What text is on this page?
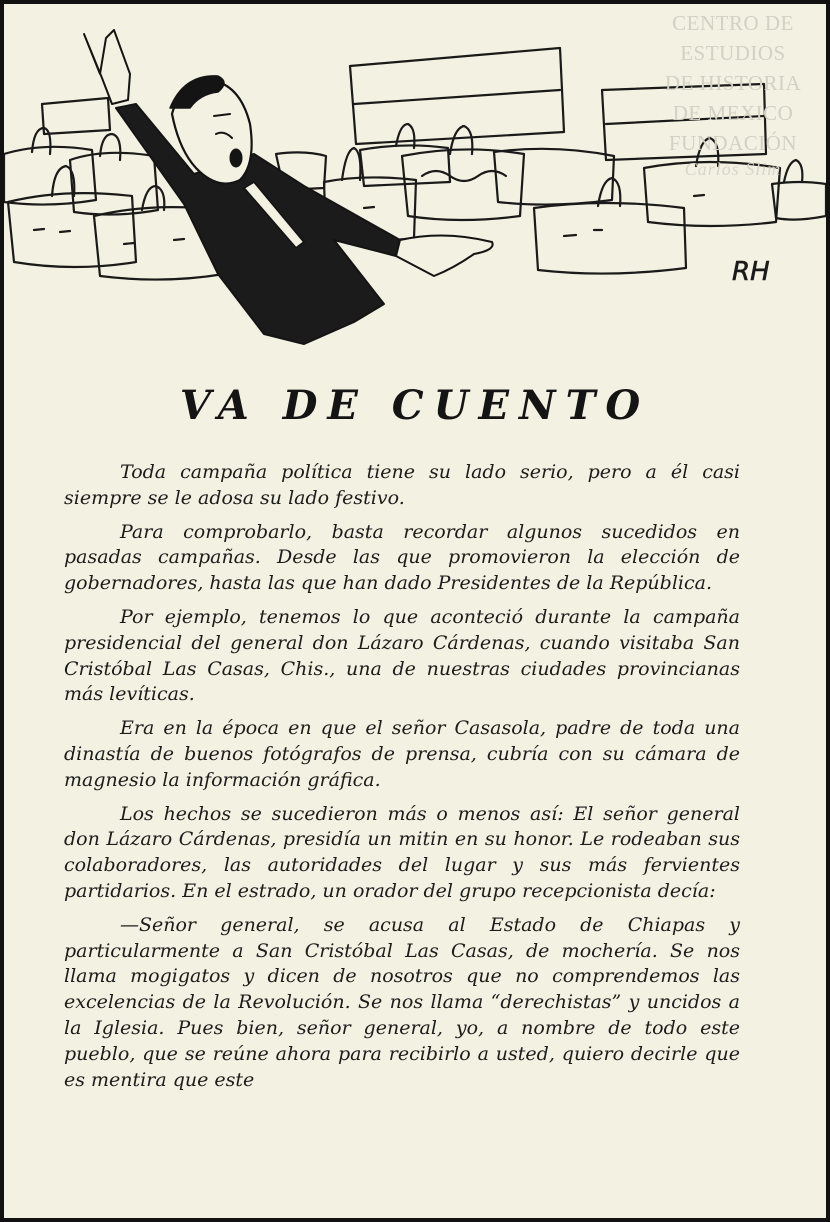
RH
CENTRO DE
ESTUDIOS
DE HISTORIA
DE MEXICO
FUNDACIÓN
Carlos Slim
VA DE CUENTO

Toda campaña política tiene su lado serio, pero a él casi siempre se le adosa su lado festivo.

Para comprobarlo, basta recordar algunos sucedidos en pasadas campañas. Desde las que promovieron la elección de gobernadores, hasta las que han dado Presidentes de la República.

Por ejemplo, tenemos lo que aconteció durante la campaña presidencial del general don Lázaro Cárdenas, cuando visitaba San Cristóbal Las Casas, Chis., una de nuestras ciudades provincianas más levíticas.

Era en la época en que el señor Casasola, padre de toda una dinastía de buenos fotógrafos de prensa, cubría con su cámara de magnesio la información gráfica.

Los hechos se sucedieron más o menos así: El señor general don Lázaro Cárdenas, presidía un mitin en su honor. Le rodeaban sus colaboradores, las autoridades del lugar y sus más fervientes partidarios. En el estrado, un orador del grupo recepcionista decía:

—Señor general, se acusa al Estado de Chiapas y particularmente a San Cristóbal Las Casas, de mochería. Se nos llama mogigatos y dicen de nosotros que no comprendemos las excelencias de la Revolución. Se nos llama “derechistas” y uncidos a la Iglesia. Pues bien, señor general, yo, a nombre de todo este pueblo, que se reúne ahora para recibirlo a usted, quiero decirle que es mentira que este
